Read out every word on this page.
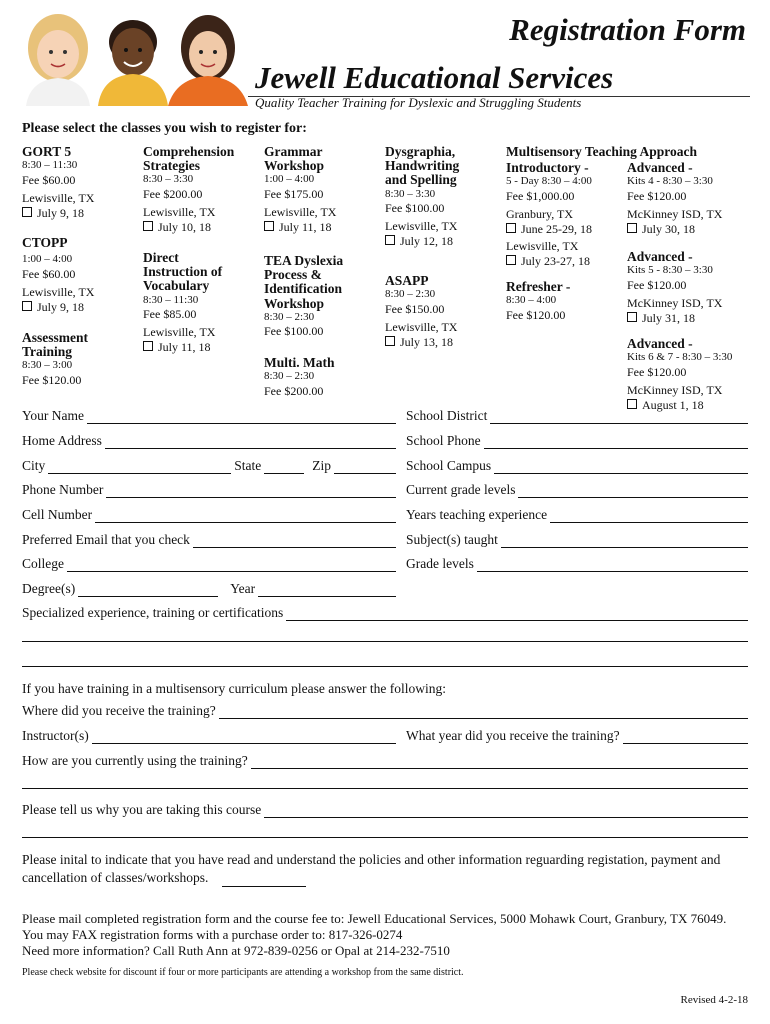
Registration Form
Jewell Educational Services
Quality Teacher Training for Dyslexic and Struggling Students
Please select the classes you wish to register for:
GORT 5
8:30 – 11:30
Fee $60.00
Lewisville, TX
July 9, 18
CTOPP
1:00 – 4:00
Fee $60.00
Lewisville, TX
July 9, 18
Assessment
Training
8:30 – 3:00
Fee $120.00
Comprehension
Strategies
8:30 – 3:30
Fee $200.00
Lewisville, TX
July 10, 18
Direct
Instruction of
Vocabulary
8:30 – 11:30
Fee $85.00
Lewisville, TX
July 11, 18
Grammar
Workshop
1:00 – 4:00
Fee $175.00
Lewisville, TX
July 11, 18
TEA Dyslexia
Process &
Identification
Workshop
8:30 – 2:30
Fee $100.00
Multi. Math
8:30 – 2:30
Fee $200.00
Dysgraphia,
Handwriting
and Spelling
8:30 – 3:30
Fee $100.00
Lewisville, TX
July 12, 18
ASAPP
8:30 – 2:30
Fee $150.00
Lewisville, TX
July 13, 18
Multisensory Teaching Approach
Introductory -
5 - Day 8:30 – 4:00
Fee $1,000.00
Granbury, TX
June 25-29, 18
Lewisville, TX
July 23-27, 18
Refresher -
8:30 – 4:00
Fee $120.00
Advanced -
Kits 4 - 8:30 – 3:30
Fee $120.00
McKinney ISD, TX
July 30, 18
Advanced -
Kits 5 - 8:30 – 3:30
Fee $120.00
McKinney ISD, TX
July 31, 18
Advanced -
Kits 6 & 7 - 8:30 – 3:30
Fee $120.00
McKinney ISD, TX
August 1, 18
Your Name
Home Address
City	State	Zip
Phone Number
Cell Number
Preferred Email that you check
College
Degree(s)	Year
School District
School Phone
School Campus
Current grade levels
Years teaching experience
Subject(s) taught
Grade levels
Specialized experience, training or certifications
If you have training in a multisensory curriculum please answer the following:
Where did you receive the training?
Instructor(s)	What year did you receive the training?
How are you currently using the training?
Please tell us why you are taking this course
Please inital to indicate that you have read and understand the policies and other information reguarding registation, payment and cancellation of classes/workshops.
Please mail completed registration form and the course fee to: Jewell Educational Services, 5000 Mohawk Court, Granbury, TX 76049.
You may FAX registration forms with a purchase order to: 817-326-0274
Need more information? Call Ruth Ann at 972-839-0256 or Opal at 214-232-7510
Please check website for discount if four or more participants are attending a workshop from the same district.
Revised 4-2-18
